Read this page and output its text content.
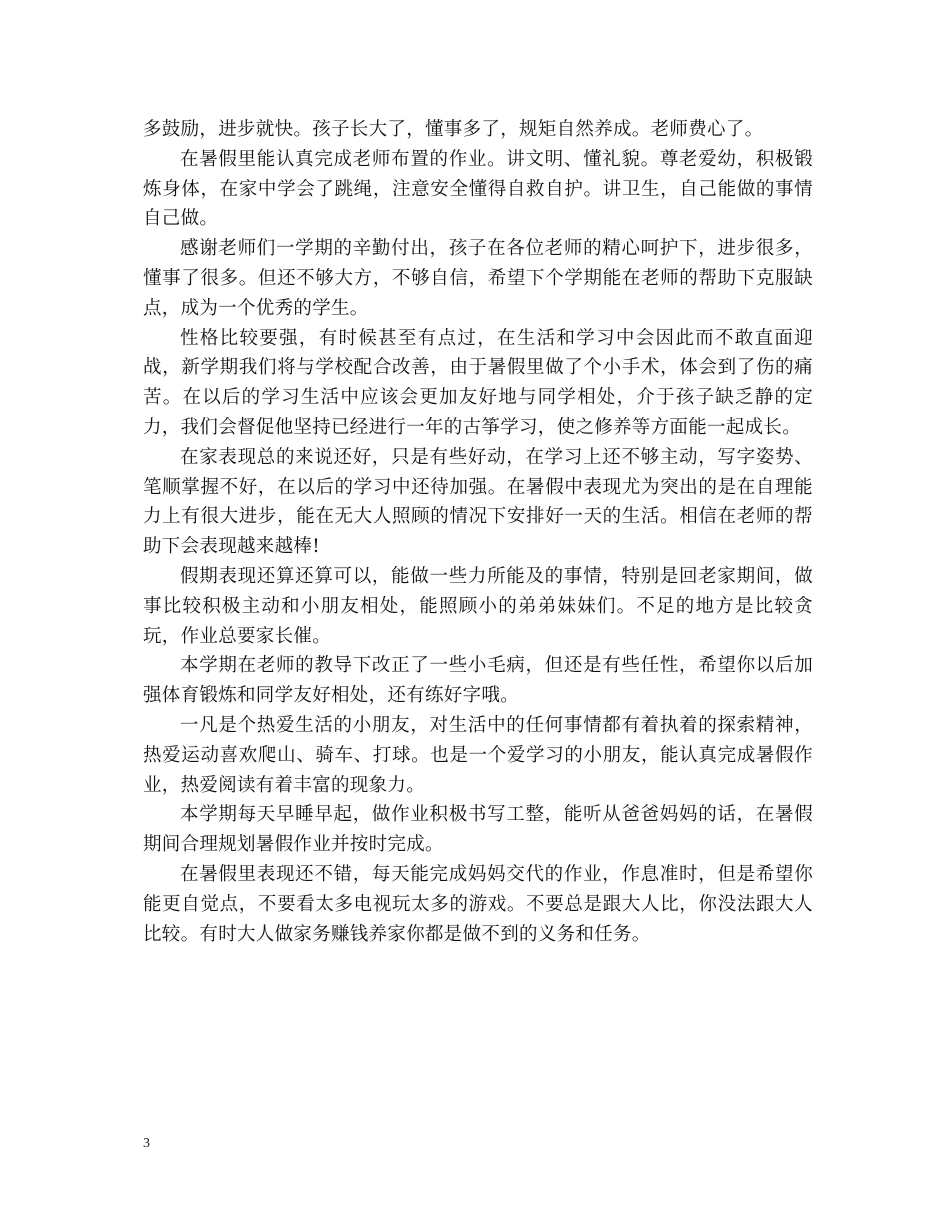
多鼓励，进步就快。孩子长大了，懂事多了，规矩自然养成。老师费心了。

在暑假里能认真完成老师布置的作业。讲文明、懂礼貌。尊老爱幼，积极锻炼身体，在家中学会了跳绳，注意安全懂得自救自护。讲卫生，自己能做的事情自己做。

感谢老师们一学期的辛勤付出，孩子在各位老师的精心呵护下，进步很多，懂事了很多。但还不够大方，不够自信，希望下个学期能在老师的帮助下克服缺点，成为一个优秀的学生。

性格比较要强，有时候甚至有点过，在生活和学习中会因此而不敢直面迎战，新学期我们将与学校配合改善，由于暑假里做了个小手术，体会到了伤的痛苦。在以后的学习生活中应该会更加友好地与同学相处，介于孩子缺乏静的定力，我们会督促他坚持已经进行一年的古筝学习，使之修养等方面能一起成长。

在家表现总的来说还好，只是有些好动，在学习上还不够主动，写字姿势、笔顺掌握不好，在以后的学习中还待加强。在暑假中表现尤为突出的是在自理能力上有很大进步，能在无大人照顾的情况下安排好一天的生活。相信在老师的帮助下会表现越来越棒!

假期表现还算还算可以，能做一些力所能及的事情，特别是回老家期间，做事比较积极主动和小朋友相处，能照顾小的弟弟妹妹们。不足的地方是比较贪玩，作业总要家长催。

本学期在老师的教导下改正了一些小毛病，但还是有些任性，希望你以后加强体育锻炼和同学友好相处，还有练好字哦。

一凡是个热爱生活的小朋友，对生活中的任何事情都有着执着的探索精神，热爱运动喜欢爬山、骑车、打球。也是一个爱学习的小朋友，能认真完成暑假作业，热爱阅读有着丰富的现象力。

本学期每天早睡早起，做作业积极书写工整，能听从爸爸妈妈的话，在暑假期间合理规划暑假作业并按时完成。

在暑假里表现还不错，每天能完成妈妈交代的作业，作息准时，但是希望你能更自觉点，不要看太多电视玩太多的游戏。不要总是跟大人比，你没法跟大人比较。有时大人做家务赚钱养家你都是做不到的义务和任务。

3
